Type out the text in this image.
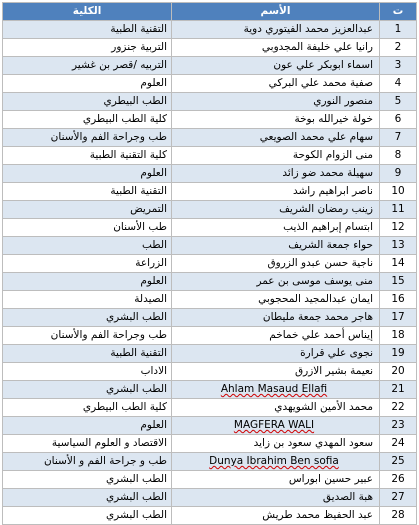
ت	الأسم	الكلية
1	عبدالعزيز محمد الفيتوري دوية	التقنية الطبية
2	رانيا علي خليفة المجدوبي	التربية جنزور
3	اسماء ابوبكر علي عون	التربيه /قصر بن غشير
4	صفية محمد علي البركي	العلوم
5	منصور النوري	الطب البيطري
6	خولة خيرالله بوخة	كلية الطب البيطري
7	سهام علي محمد الصويعي	طب وجراحة الفم والأسنان
8	منى الزوام الكوحة	كلية التقنية الطبية
9	سهيلة محمد ضو زائد	العلوم
10	ناصر ابراهيم راشد	التقنية الطبية
11	زينب رمضان الشريف	التمريض
12	ابتسام إبراهيم الذيب	طب الأسنان
13	حواء جمعة الشريف	الطب
14	ناجية حسن عبدو الزروق	الزراعة
15	منى يوسف موسى بن عمر	العلوم
16	ايمان عبدالمجيد المحجوبي	الصيدلة
17	هاجر محمد جمعة مليطان	الطب البشري
18	إيناس أحمد علي خماخم	طب وجراحة الفم والأسنان
19	نجوى علي قرارة	التقنية الطبية
20	نعيمة بشير الازرق	الاداب
21	Ahlam Masaud Ellafi	الطب البشري
22	محمد الأمين الشويهدي	كلية الطب البيطري
23	MAGFERA WALI	العلوم
24	سعود المهدي سعود بن زايد	الاقتصاد و العلوم السياسية
25	Dunya Ibrahim Ben sofia	طب و جراحة الفم و الأسنان
26	عبير حسين ابوراس	الطب البشري
27	هبة الصديق	الطب البشري
28	عبد الحفيظ محمد طريش	الطب البشري
